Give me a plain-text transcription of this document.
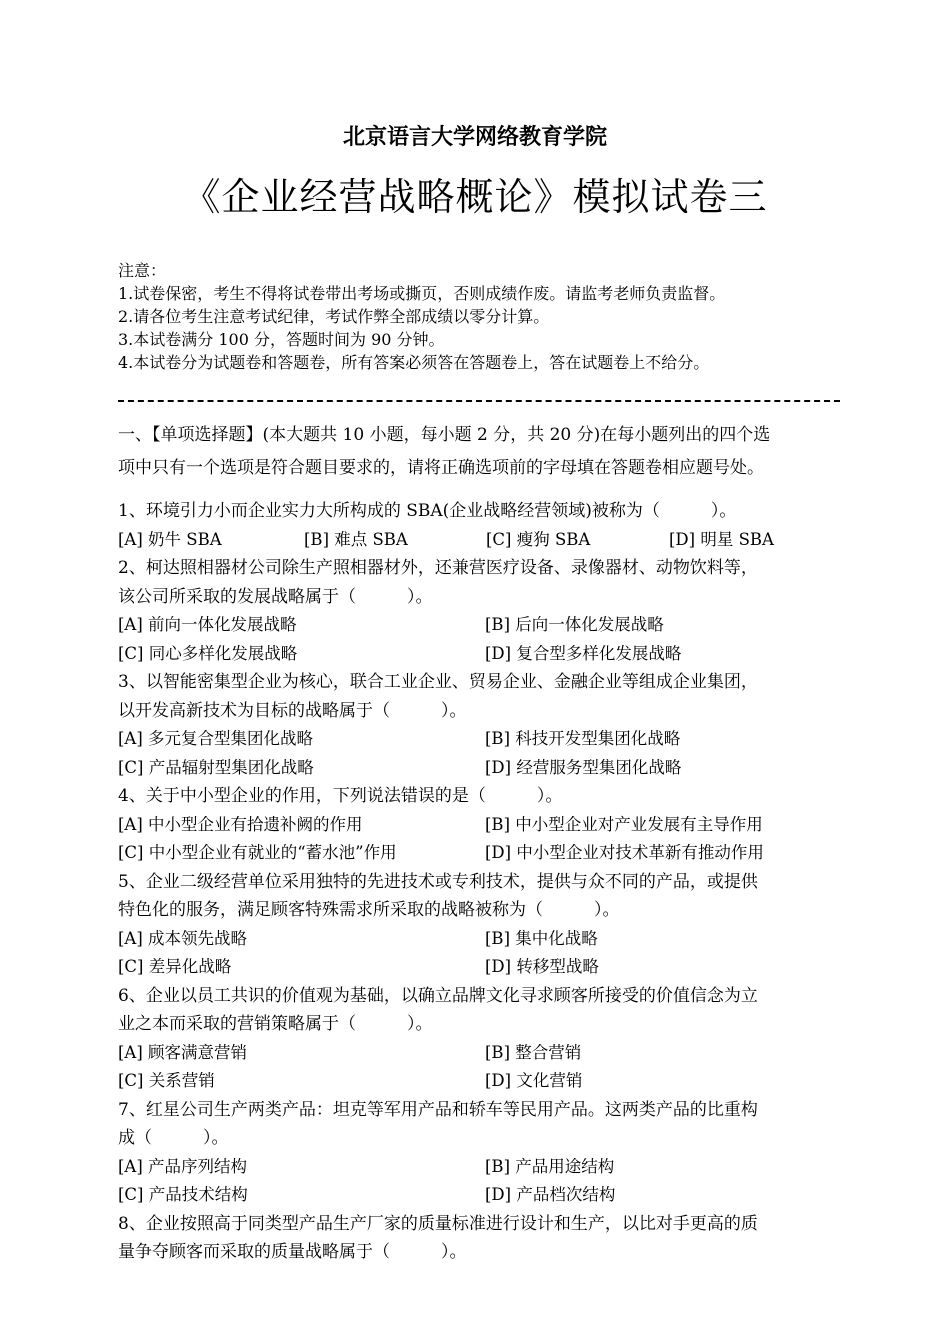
北京语言大学网络教育学院
《企业经营战略概论》模拟试卷三
注意：
1.试卷保密，考生不得将试卷带出考场或撕页，否则成绩作废。请监考老师负责监督。
2.请各位考生注意考试纪律，考试作弊全部成绩以零分计算。
3.本试卷满分 100 分，答题时间为 90 分钟。
4.本试卷分为试题卷和答题卷，所有答案必须答在答题卷上，答在试题卷上不给分。
一、【单项选择题】(本大题共 10 小题，每小题 2 分，共 20 分)在每小题列出的四个选
项中只有一个选项是符合题目要求的，请将正确选项前的字母填在答题卷相应题号处。
1、环境引力小而企业实力大所构成的 SBA(企业战略经营领域)被称为（　　　）。
[A] 奶牛 SBA	[B] 难点 SBA	[C] 瘦狗 SBA	[D] 明星 SBA
2、柯达照相器材公司除生产照相器材外，还兼营医疗设备、录像器材、动物饮料等，
该公司所采取的发展战略属于（　　　）。
[A] 前向一体化发展战略	[B] 后向一体化发展战略
[C] 同心多样化发展战略	[D] 复合型多样化发展战略
3、以智能密集型企业为核心，联合工业企业、贸易企业、金融企业等组成企业集团，
以开发高新技术为目标的战略属于（　　　）。
[A] 多元复合型集团化战略	[B] 科技开发型集团化战略
[C] 产品辐射型集团化战略	[D] 经营服务型集团化战略
4、关于中小型企业的作用，下列说法错误的是（　　　）。
[A] 中小型企业有拾遗补阙的作用	[B] 中小型企业对产业发展有主导作用
[C] 中小型企业有就业的“蓄水池”作用	[D] 中小型企业对技术革新有推动作用
5、企业二级经营单位采用独特的先进技术或专利技术，提供与众不同的产品，或提供
特色化的服务，满足顾客特殊需求所采取的战略被称为（　　　）。
[A] 成本领先战略	[B] 集中化战略
[C] 差异化战略	[D] 转移型战略
6、企业以员工共识的价值观为基础，以确立品牌文化寻求顾客所接受的价值信念为立
业之本而采取的营销策略属于（　　　）。
[A] 顾客满意营销	[B] 整合营销
[C] 关系营销	[D] 文化营销
7、红星公司生产两类产品：坦克等军用产品和轿车等民用产品。这两类产品的比重构
成（　　　）。
[A] 产品序列结构	[B] 产品用途结构
[C] 产品技术结构	[D] 产品档次结构
8、企业按照高于同类型产品生产厂家的质量标准进行设计和生产，以比对手更高的质
量争夺顾客而采取的质量战略属于（　　　）。
